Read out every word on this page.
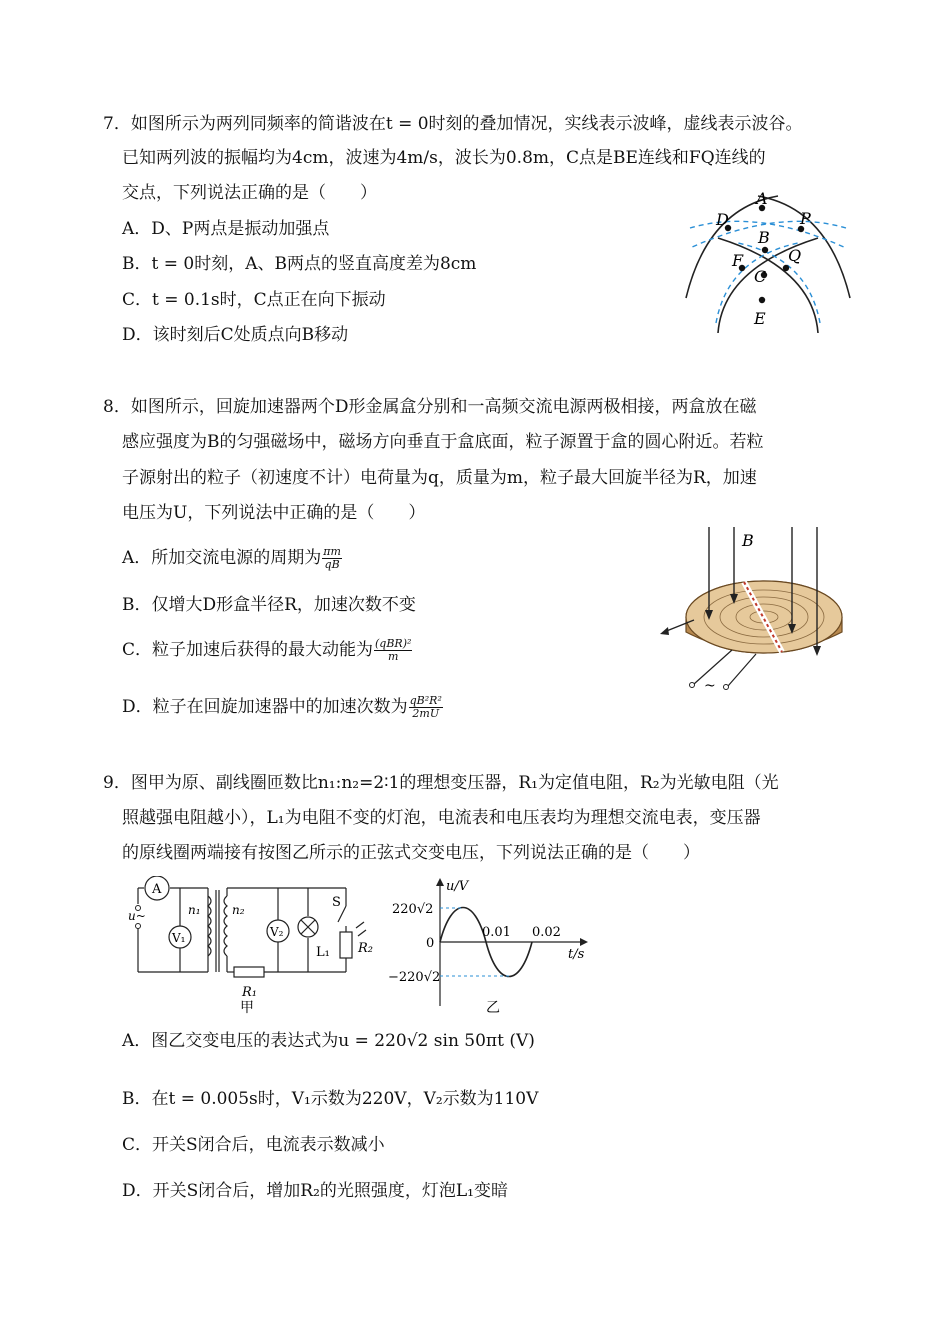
7．如图所示为两列同频率的简谐波在t = 0时刻的叠加情况，实线表示波峰，虚线表示波谷。
已知两列波的振幅均为4cm，波速为4m/s，波长为0.8m，C点是BE连线和FQ连线的
交点，下列说法正确的是（　　）
A．D、P两点是振动加强点
B．t = 0时刻，A、B两点的竖直高度差为8cm
C．t = 0.1s时，C点正在向下振动
D．该时刻后C处质点向B移动
A
D	P
B
F	Q
C
E
8．如图所示，回旋加速器两个D形金属盒分别和一高频交流电源两极相接，两盒放在磁
感应强度为B的匀强磁场中，磁场方向垂直于盒底面，粒子源置于盒的圆心附近。若粒
子源射出的粒子（初速度不计）电荷量为q，质量为m，粒子最大回旋半径为R，加速
电压为U，下列说法中正确的是（　　）
A．所加交流电源的周期为 $\frac{\pi m}{qB}$
B．仅增大D形盒半径R，加速次数不变
C．粒子加速后获得的最大动能为 $\frac{\text{(qBR)²}}{m}$
D．粒子在回旋加速器中的加速次数为 $\frac{\text{qB²R²}}{2mU}$
B
~
9．图甲为原、副线圈匝数比n₁:n₂=2∶1的理想变压器，R₁为定值电阻，R₂为光敏电阻（光
照越强电阻越小），L₁为电阻不变的灯泡，电流表和电压表均为理想交流电表，变压器
的原线圈两端接有按图乙所示的正弦式交变电压，下列说法正确的是（　　）
A
V₁	V₂
u~	n₁	n₂	S
L₁
R₁
R₂
甲
u/V
t/s
220√2
0
−220√2
0.01 0.02
乙
A．图乙交变电压的表达式为u = 220√2 sin 50πt (V)
B．在t = 0.005s时，V₁示数为220V，V₂示数为110V
C．开关S闭合后，电流表示数减小
D．开关S闭合后，增加R₂的光照强度，灯泡L₁变暗
